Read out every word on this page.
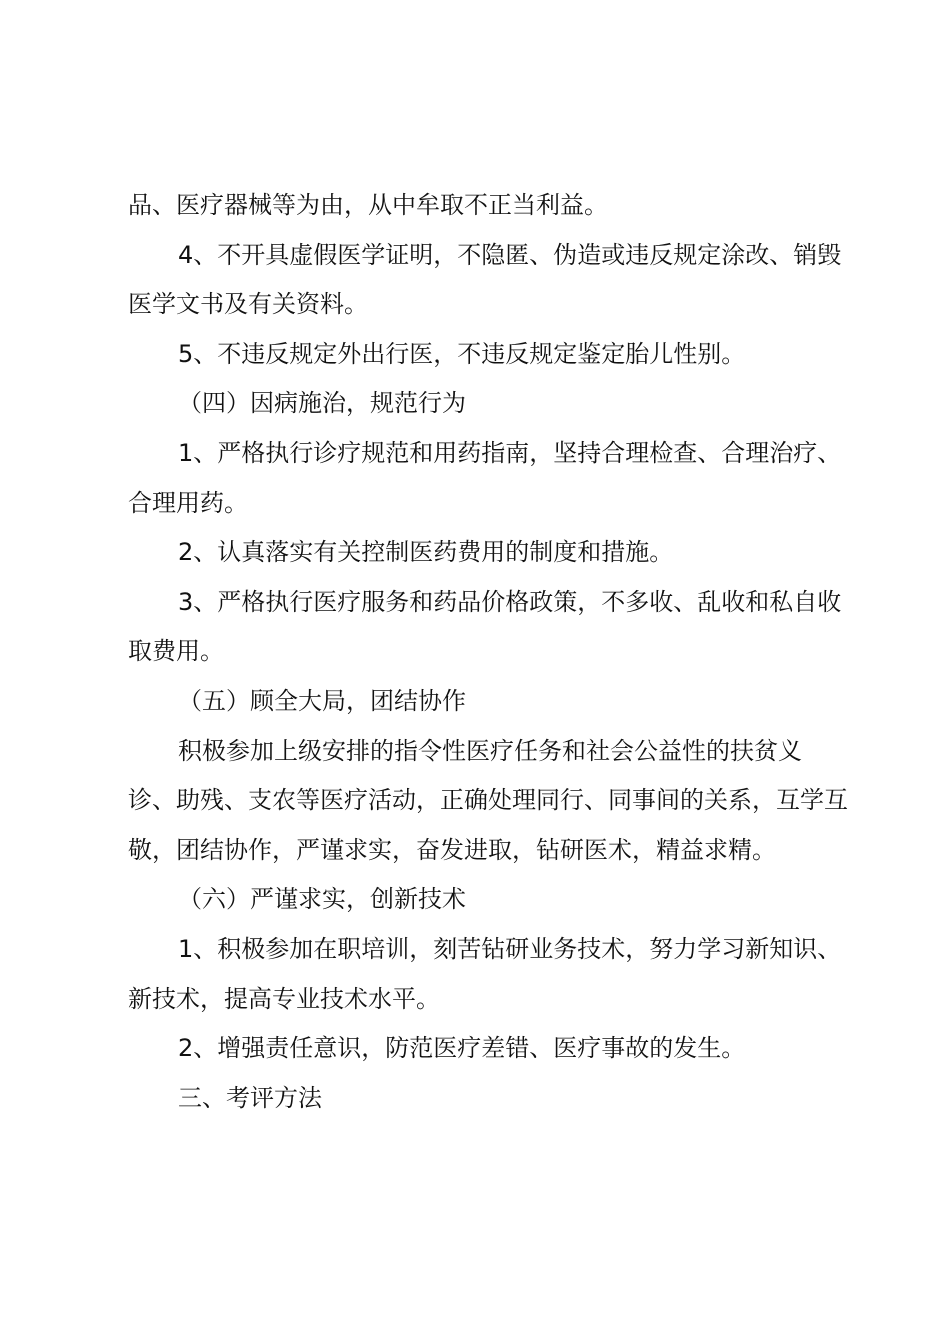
品、医疗器械等为由，从中牟取不正当利益。

4、不开具虚假医学证明，不隐匿、伪造或违反规定涂改、销毁医学文书及有关资料。

5、不违反规定外出行医，不违反规定鉴定胎儿性别。

（四）因病施治，规范行为

1、严格执行诊疗规范和用药指南，坚持合理检查、合理治疗、合理用药。

2、认真落实有关控制医药费用的制度和措施。

3、严格执行医疗服务和药品价格政策，不多收、乱收和私自收取费用。

（五）顾全大局，团结协作

积极参加上级安排的指令性医疗任务和社会公益性的扶贫义诊、助残、支农等医疗活动，正确处理同行、同事间的关系，互学互敬，团结协作，严谨求实，奋发进取，钻研医术，精益求精。

（六）严谨求实，创新技术

1、积极参加在职培训，刻苦钻研业务技术，努力学习新知识、新技术，提高专业技术水平。

2、增强责任意识，防范医疗差错、医疗事故的发生。

三、考评方法
